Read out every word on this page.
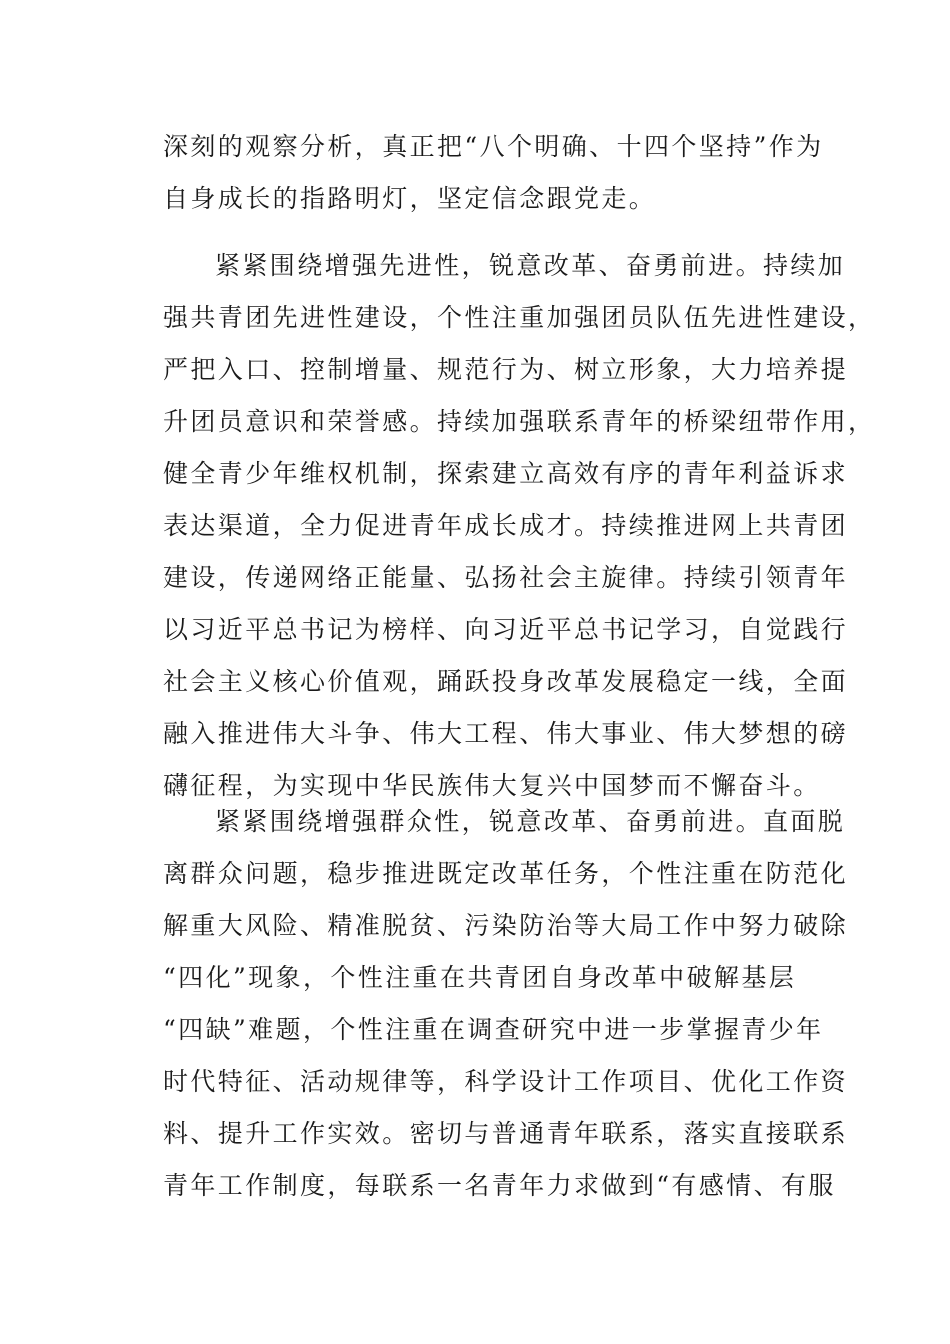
深刻的观察分析，真正把“八个明确、十四个坚持”作为
自身成长的指路明灯，坚定信念跟党走。
紧紧围绕增强先进性，锐意改革、奋勇前进。持续加
强共青团先进性建设，个性注重加强团员队伍先进性建设，
严把入口、控制增量、规范行为、树立形象，大力培养提
升团员意识和荣誉感。持续加强联系青年的桥梁纽带作用，
健全青少年维权机制，探索建立高效有序的青年利益诉求
表达渠道，全力促进青年成长成才。持续推进网上共青团
建设，传递网络正能量、弘扬社会主旋律。持续引领青年
以习近平总书记为榜样、向习近平总书记学习，自觉践行
社会主义核心价值观，踊跃投身改革发展稳定一线，全面
融入推进伟大斗争、伟大工程、伟大事业、伟大梦想的磅
礴征程，为实现中华民族伟大复兴中国梦而不懈奋斗。
紧紧围绕增强群众性，锐意改革、奋勇前进。直面脱
离群众问题，稳步推进既定改革任务，个性注重在防范化
解重大风险、精准脱贫、污染防治等大局工作中努力破除
“四化”现象，个性注重在共青团自身改革中破解基层
“四缺”难题，个性注重在调查研究中进一步掌握青少年
时代特征、活动规律等，科学设计工作项目、优化工作资
料、提升工作实效。密切与普通青年联系，落实直接联系
青年工作制度，每联系一名青年力求做到“有感情、有服
